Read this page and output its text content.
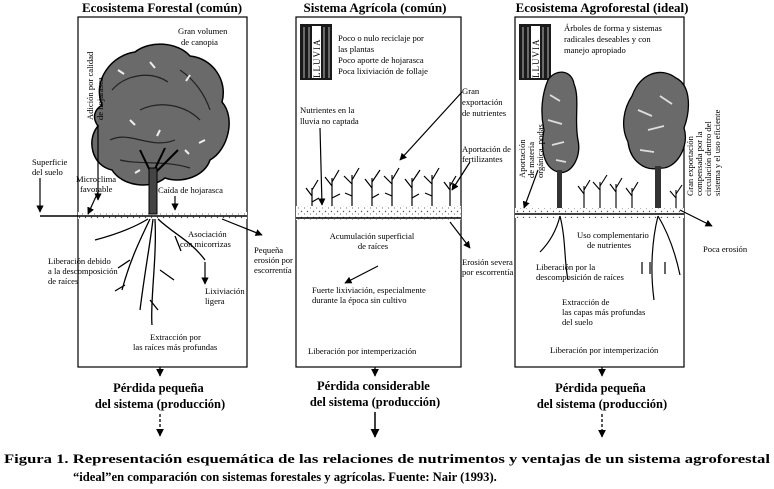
Ecosistema Forestal (común)
Gran volumen de canopia
Adición por calidad de hojarasca
Superficie del suelo
Microclima favorable	Caída de hojarasca
Asociación con micorrizas
Liberación debido a la descomposición de raíces
Lixiviación ligera
Extracción por las raíces más profundas
Pequeña erosión por escorrentía
Pérdida pequeña del sistema (producción)
Sistema Agrícola (común)
LLUVIA
Poco o nulo reciclaje por las plantas Poco aporte de hojarasca Poca lixiviación de follaje
Nutrientes en la lluvia no captada
Gran exportación de nutrientes
Aportación de fertilizantes
Acumulación superficial de raíces
Erosión severa por escorrentía
Fuerte lixiviación, especialmente durante la época sin cultivo
Liberación por intemperización
Pérdida considerable del sistema (producción)
Ecosistema Agroforestal (ideal)
LLUVIA
Árboles de forma y sistemas radicales deseables y con manejo apropiado
Aportación de materia orgánica, podas	Gran exportación compensada por la circulación dentro del sistema y el uso eficiente
Uso complementario de nutrientes	Poca erosión
Liberación por la descomposición de raíces
Extracción de las capas más profundas del suelo
Liberación por intemperización
Pérdida pequeña del sistema (producción)
Figura 1. Representación esquemática de las relaciones de nutrimentos y ventajas de un sistema agroforestal
“ideal”en comparación con sistemas forestales y agrícolas. Fuente: Nair (1993).
